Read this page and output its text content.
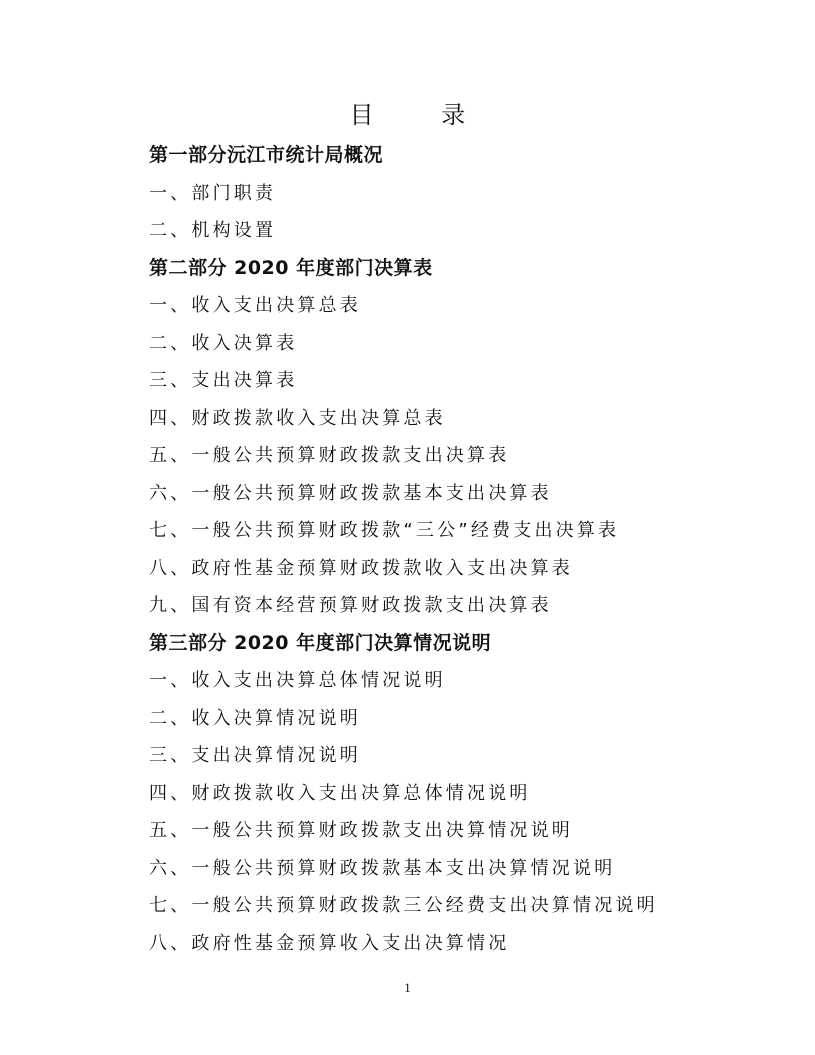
目 录
第一部分沅江市统计局概况
一、部门职责
二、机构设置
第二部分 2020 年度部门决算表
一、收入支出决算总表
二、收入决算表
三、支出决算表
四、财政拨款收入支出决算总表
五、一般公共预算财政拨款支出决算表
六、一般公共预算财政拨款基本支出决算表
七、一般公共预算财政拨款“三公”经费支出决算表
八、政府性基金预算财政拨款收入支出决算表
九、国有资本经营预算财政拨款支出决算表
第三部分 2020 年度部门决算情况说明
一、收入支出决算总体情况说明
二、收入决算情况说明
三、支出决算情况说明
四、财政拨款收入支出决算总体情况说明
五、一般公共预算财政拨款支出决算情况说明
六、一般公共预算财政拨款基本支出决算情况说明
七、一般公共预算财政拨款三公经费支出决算情况说明
八、政府性基金预算收入支出决算情况
1
